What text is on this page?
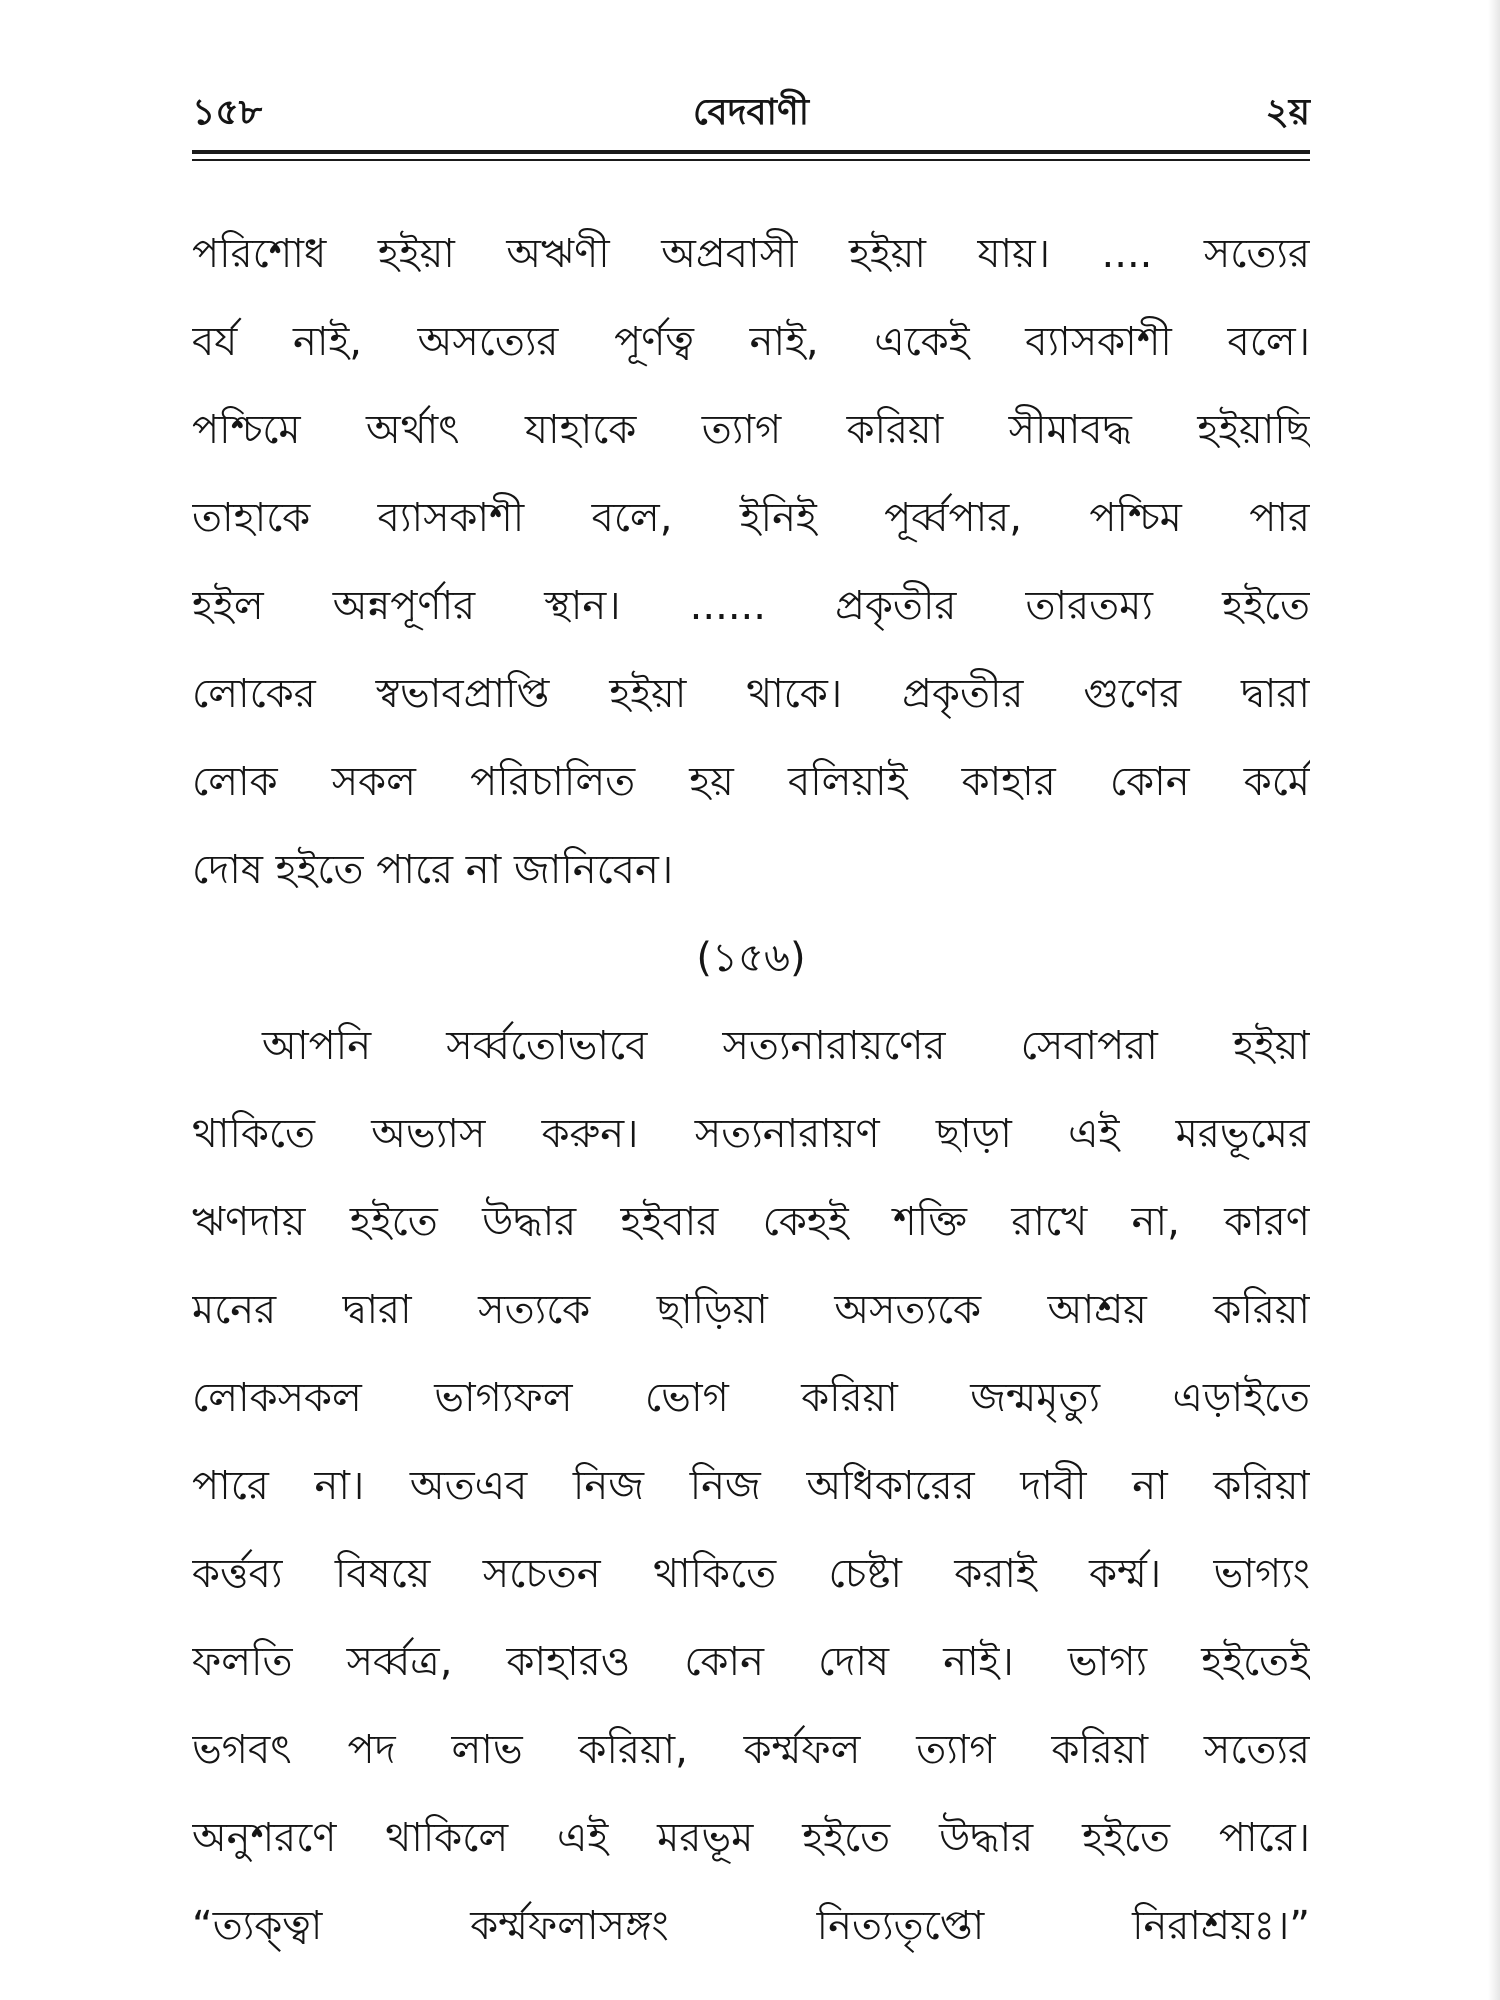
১৫৮	বেদবাণী	২য়
পরিশোধ হইয়া অঋণী অপ্রবাসী হইয়া যায়। .... সত্যের
বর্য নাই, অসত্যের পূর্ণত্ব নাই, একেই ব্যাসকাশী বলে।
পশ্চিমে অর্থাৎ যাহাকে ত্যাগ করিয়া সীমাবদ্ধ হইয়াছি
তাহাকে ব্যাসকাশী বলে, ইনিই পূর্ব্বপার, পশ্চিম পার
হইল অন্নপূর্ণার স্থান। ...... প্রকৃতীর তারতম্য হইতে
লোকের স্বভাবপ্রাপ্তি হইয়া থাকে। প্রকৃতীর গুণের দ্বারা
লোক সকল পরিচালিত হয় বলিয়াই কাহার কোন কর্মে
দোষ হইতে পারে না জানিবেন।
(১৫৬)
আপনি সর্ব্বতোভাবে সত্যনারায়ণের সেবাপরা হইয়া
থাকিতে অভ্যাস করুন। সত্যনারায়ণ ছাড়া এই মরভূমের
ঋণদায় হইতে উদ্ধার হইবার কেহই শক্তি রাখে না, কারণ
মনের দ্বারা সত্যকে ছাড়িয়া অসত্যকে আশ্রয় করিয়া
লোকসকল ভাগ্যফল ভোগ করিয়া জন্মমৃত্যু এড়াইতে
পারে না। অতএব নিজ নিজ অধিকারের দাবী না করিয়া
কর্ত্তব্য বিষয়ে সচেতন থাকিতে চেষ্টা করাই কর্ম্ম। ভাগ্যং
ফলতি সর্ব্বত্র, কাহারও কোন দোষ নাই। ভাগ্য হইতেই
ভগবৎ পদ লাভ করিয়া, কর্ম্মফল ত্যাগ করিয়া সত্যের
অনুশরণে থাকিলে এই মরভূম হইতে উদ্ধার হইতে পারে।
“ত্যক্ত্বা কর্ম্মফলাসঙ্গং নিত্যতৃপ্তো নিরাশ্রয়ঃ।”
